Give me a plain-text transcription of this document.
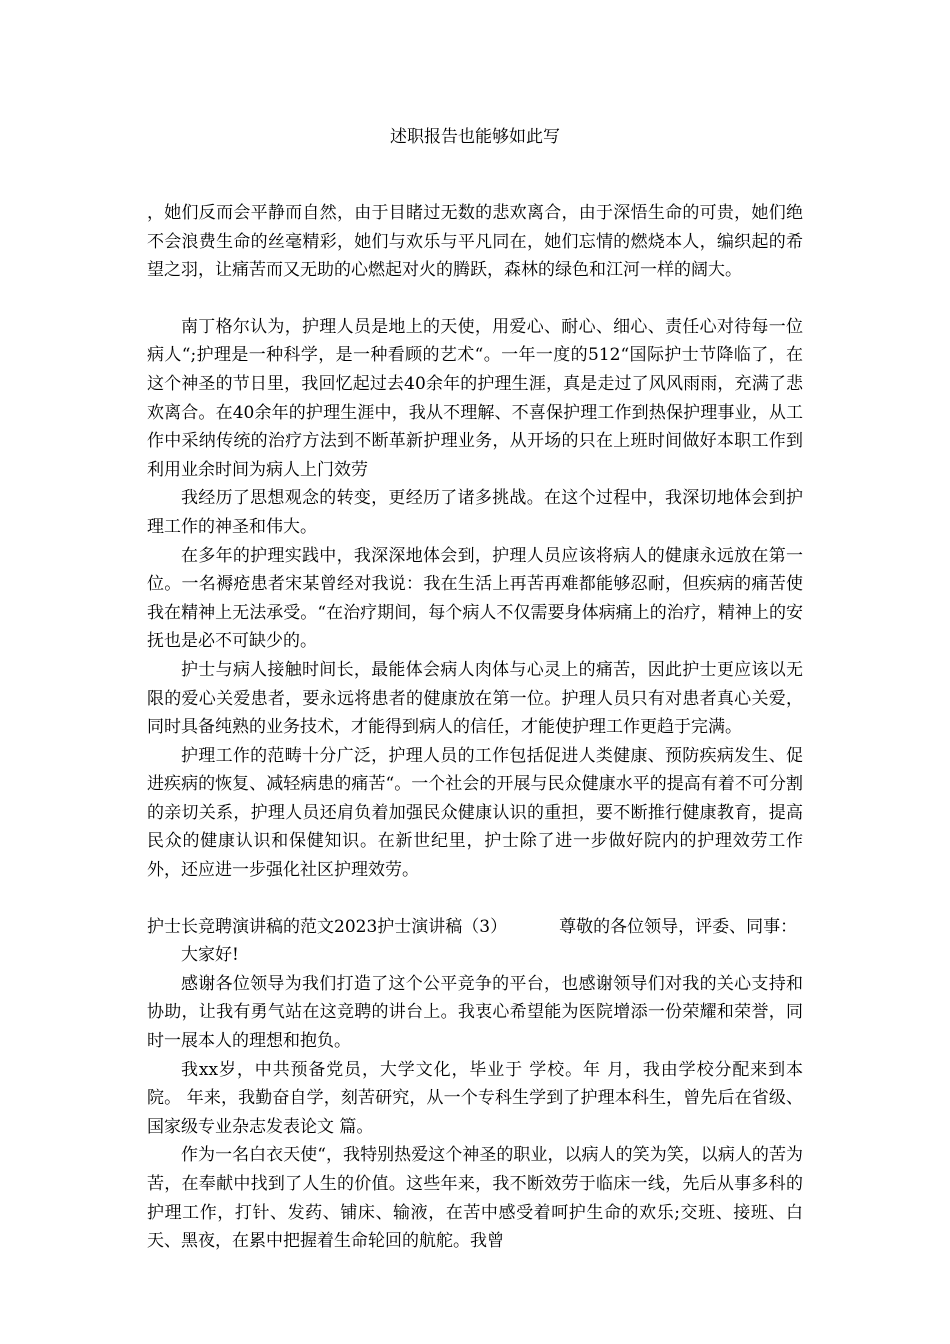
述职报告也能够如此写

，她们反而会平静而自然，由于目睹过无数的悲欢离合，由于深悟生命的可贵，她们绝不会浪费生命的丝毫精彩，她们与欢乐与平凡同在，她们忘情的燃烧本人，编织起的希望之羽，让痛苦而又无助的心燃起对火的腾跃，森林的绿色和江河一样的阔大。

南丁格尔认为，护理人员是地上的天使，用爱心、耐心、细心、责任心对待每一位病人“;护理是一种科学，是一种看顾的艺术“。一年一度的512“国际护士节降临了，在这个神圣的节日里，我回忆起过去40余年的护理生涯，真是走过了风风雨雨，充满了悲欢离合。在40余年的护理生涯中，我从不理解、不喜保护理工作到热保护理事业，从工作中采纳传统的治疗方法到不断革新护理业务，从开场的只在上班时间做好本职工作到利用业余时间为病人上门效劳

我经历了思想观念的转变，更经历了诸多挑战。在这个过程中，我深切地体会到护理工作的神圣和伟大。

在多年的护理实践中，我深深地体会到，护理人员应该将病人的健康永远放在第一位。一名褥疮患者宋某曾经对我说：我在生活上再苦再难都能够忍耐，但疾病的痛苦使我在精神上无法承受。“在治疗期间，每个病人不仅需要身体病痛上的治疗，精神上的安抚也是必不可缺少的。

护士与病人接触时间长，最能体会病人肉体与心灵上的痛苦，因此护士更应该以无限的爱心关爱患者，要永远将患者的健康放在第一位。护理人员只有对患者真心关爱，同时具备纯熟的业务技术，才能得到病人的信任，才能使护理工作更趋于完满。

护理工作的范畴十分广泛，护理人员的工作包括促进人类健康、预防疾病发生、促进疾病的恢复、减轻病患的痛苦“。一个社会的开展与民众健康水平的提高有着不可分割的亲切关系，护理人员还肩负着加强民众健康认识的重担，要不断推行健康教育，提高民众的健康认识和保健知识。在新世纪里，护士除了进一步做好院内的护理效劳工作外，还应进一步强化社区护理效劳。

护士长竞聘演讲稿的范文2023护士演讲稿（3）	尊敬的各位领导，评委、同事：

大家好!

感谢各位领导为我们打造了这个公平竞争的平台，也感谢领导们对我的关心支持和协助，让我有勇气站在这竞聘的讲台上。我衷心希望能为医院增添一份荣耀和荣誉，同时一展本人的理想和抱负。

我xx岁，中共预备党员，大学文化，毕业于 学校。年 月，我由学校分配来到本院。 年来，我勤奋自学，刻苦研究，从一个专科生学到了护理本科生，曾先后在省级、国家级专业杂志发表论文 篇。

作为一名白衣天使“，我特别热爱这个神圣的职业，以病人的笑为笑，以病人的苦为苦，在奉献中找到了人生的价值。这些年来，我不断效劳于临床一线，先后从事多科的护理工作，打针、发药、铺床、输液，在苦中感受着呵护生命的欢乐;交班、接班、白天、黑夜，在累中把握着生命轮回的航舵。我曾
